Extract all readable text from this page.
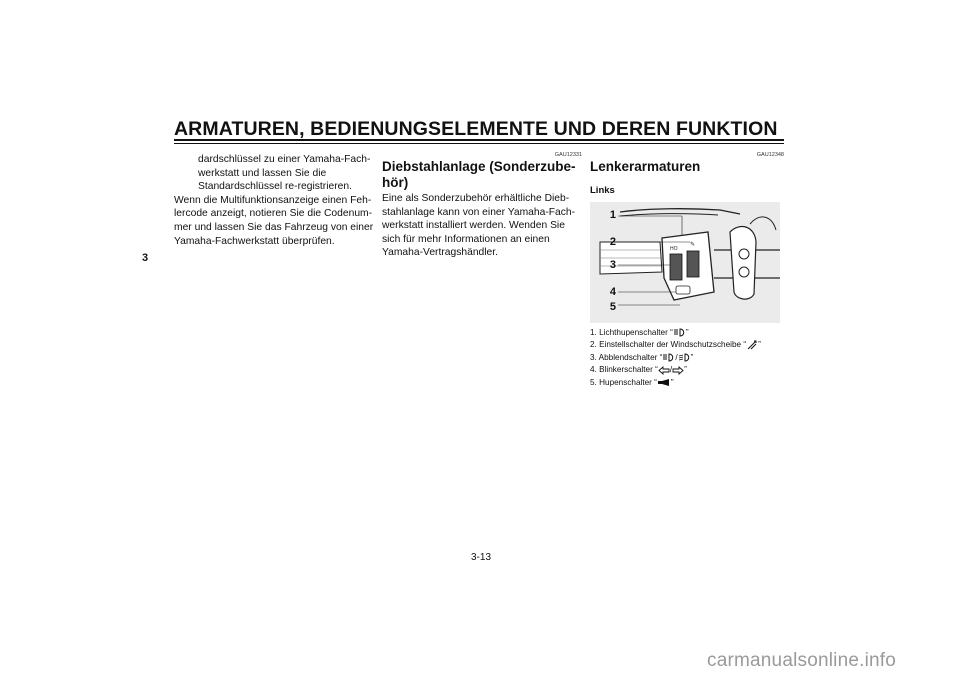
ARMATUREN, BEDIENUNGSELEMENTE UND DEREN FUNKTION
3
dardschlüssel zu einer Yamaha-Fach-
werkstatt und lassen Sie die
Standardschlüssel re-registrieren.
Wenn die Multifunktionsanzeige einen Feh-
lercode anzeigt, notieren Sie die Codenum-
mer und lassen Sie das Fahrzeug von einer
Yamaha-Fachwerkstatt überprüfen.
GAU12331
Diebstahlanlage (Sonderzube-
hör)
Eine als Sonderzubehör erhältliche Dieb-
stahlanlage kann von einer Yamaha-Fach-
werkstatt installiert werden. Wenden Sie
sich für mehr Informationen an einen
Yamaha-Vertragshändler.
GAU12348
Lenkerarmaturen
Links
HO
✎
1
2
3
4
5
1. Lichthupenschalter “ ”
2. Einstellschalter der Windschutzscheibe “ ”
3. Abblendschalter “ / ”
4. Blinkerschalter “ / ”
5. Hupenschalter “ ”
3-13
carmanualsonline.info
